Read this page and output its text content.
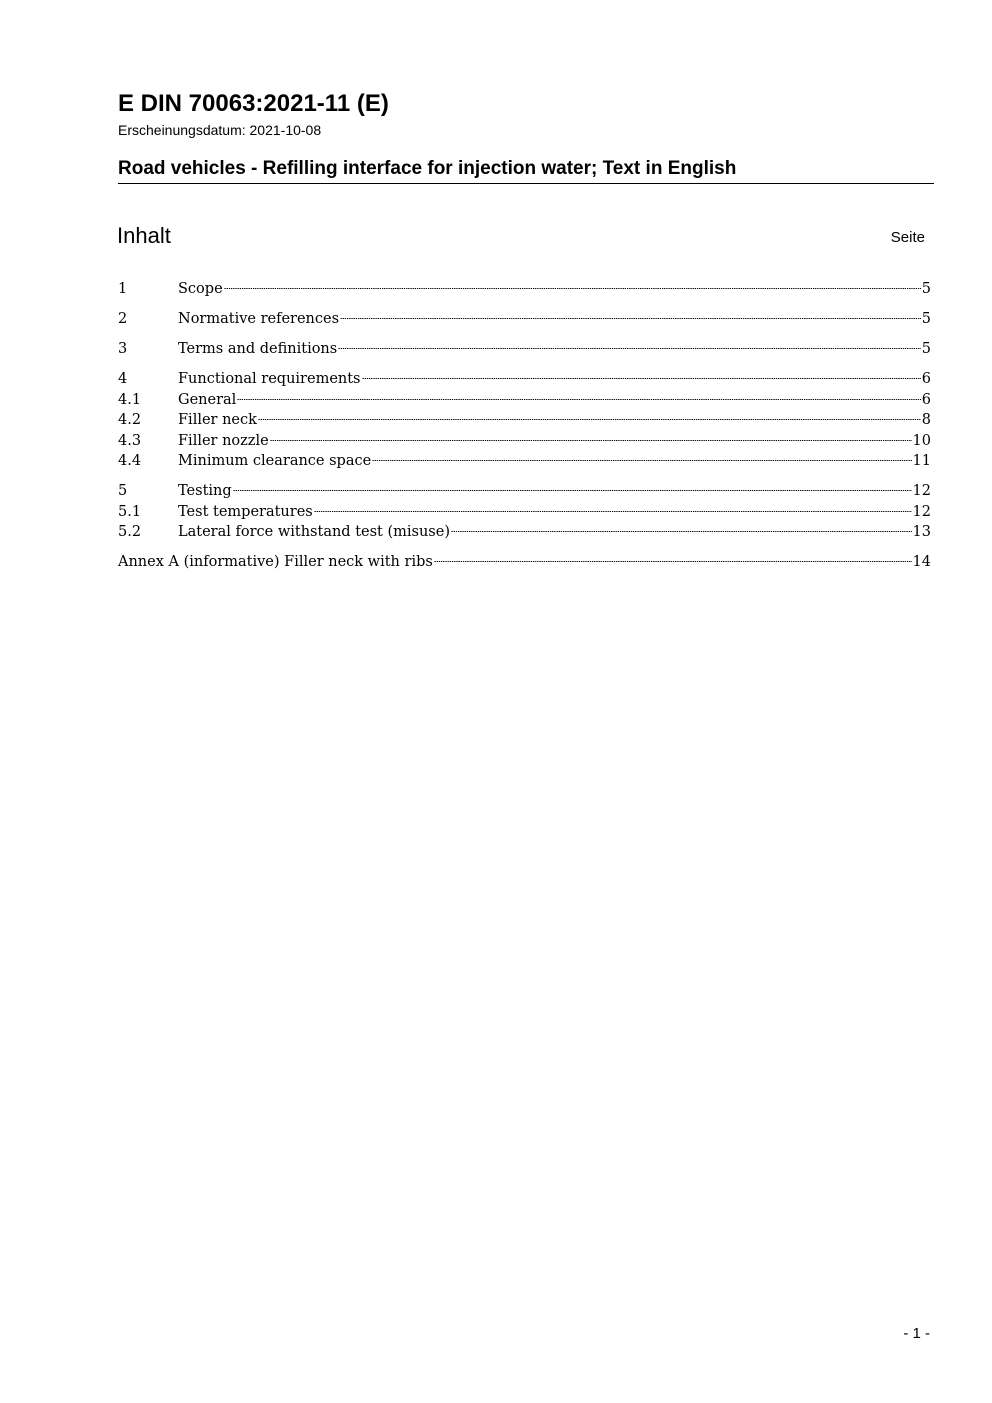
E DIN 70063:2021-11 (E)
Erscheinungsdatum: 2021-10-08
Road vehicles - Refilling interface for injection water; Text in English
Inhalt	Seite
1	Scope	5
2	Normative references	5
3	Terms and definitions	5
4	Functional requirements	6
4.1	General	6
4.2	Filler neck	8
4.3	Filler nozzle	10
4.4	Minimum clearance space	11
5	Testing	12
5.1	Test temperatures	12
5.2	Lateral force withstand test (misuse)	13
Annex A (informative) Filler neck with ribs	14
- 1 -
